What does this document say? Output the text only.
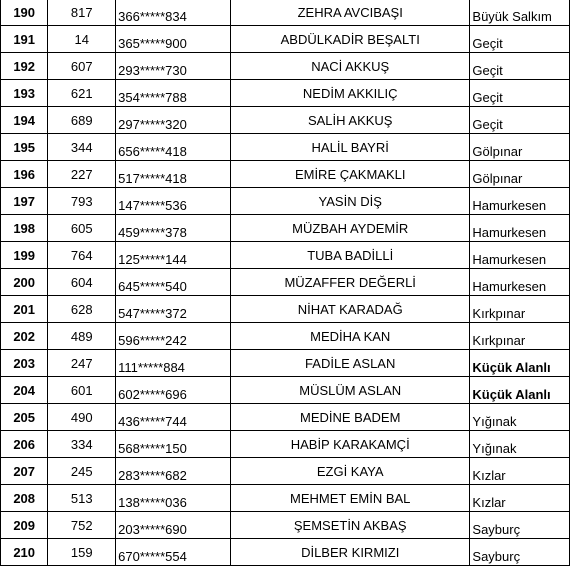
190	817	366*****834	ZEHRA AVCIBAŞI	Büyük Salkım
191	14	365*****900	ABDÜLKADİR BEŞALTI	Geçit
192	607	293*****730	NACİ AKKUŞ	Geçit
193	621	354*****788	NEDİM AKKILIÇ	Geçit
194	689	297*****320	SALİH AKKUŞ	Geçit
195	344	656*****418	HALİL BAYRİ	Gölpınar
196	227	517*****418	EMİRE ÇAKMAKLI	Gölpınar
197	793	147*****536	YASİN DİŞ	Hamurkesen
198	605	459*****378	MÜZBAH AYDEMİR	Hamurkesen
199	764	125*****144	TUBA BADİLLİ	Hamurkesen
200	604	645*****540	MÜZAFFER DEĞERLİ	Hamurkesen
201	628	547*****372	NİHAT KARADAĞ	Kırkpınar
202	489	596*****242	MEDİHA KAN	Kırkpınar
203	247	111*****884	FADİLE ASLAN	Küçük Alanlı
204	601	602*****696	MÜSLÜM ASLAN	Küçük Alanlı
205	490	436*****744	MEDİNE BADEM	Yığınak
206	334	568*****150	HABİP KARAKAMÇİ	Yığınak
207	245	283*****682	EZGİ KAYA	Kızlar
208	513	138*****036	MEHMET EMİN BAL	Kızlar
209	752	203*****690	ŞEMSETİN AKBAŞ	Sayburç
210	159	670*****554	DİLBER KIRMIZI	Sayburç
